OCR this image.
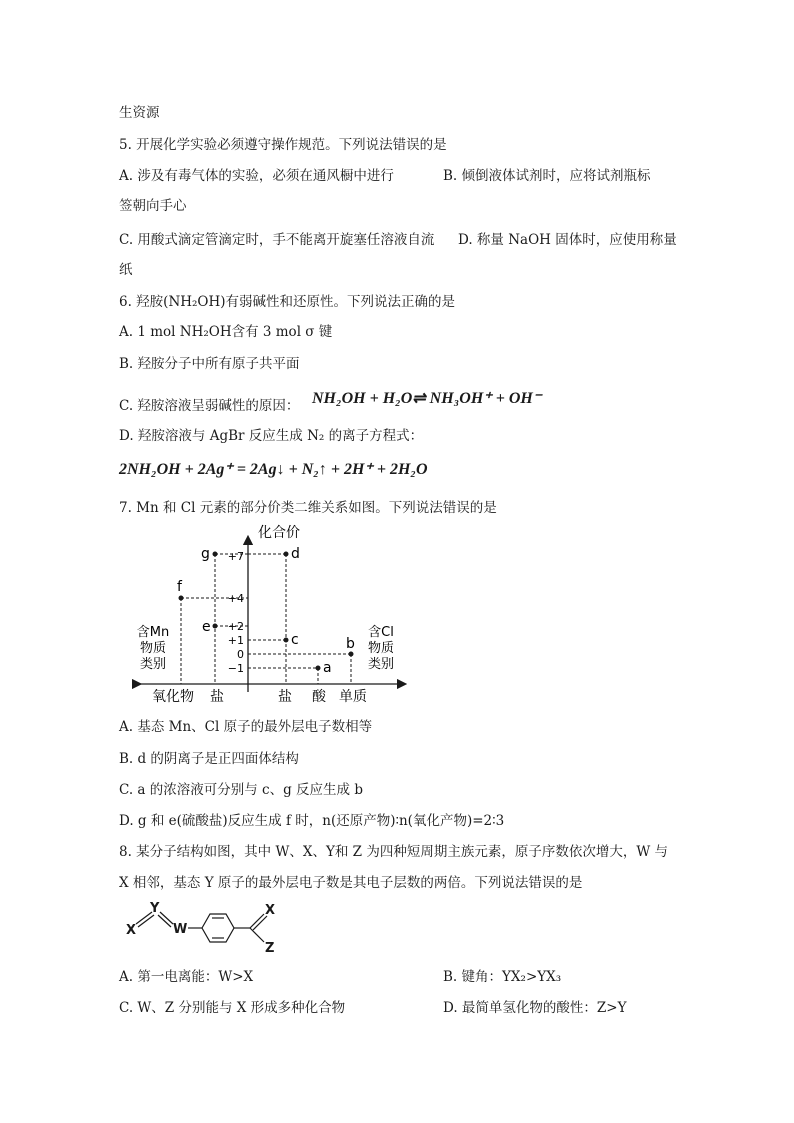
生资源
5. 开展化学实验必须遵守操作规范。下列说法错误的是
A. 涉及有毒气体的实验，必须在通风橱中进行	B. 倾倒液体试剂时，应将试剂瓶标
签朝向手心
C. 用酸式滴定管滴定时，手不能离开旋塞任溶液自流 D. 称量 NaOH 固体时，应使用称量
纸
6. 羟胺(NH₂OH)有弱碱性和还原性。下列说法正确的是
A. 1 mol NH₂OH含有 3 mol σ 键
B. 羟胺分子中所有原子共平面
C. 羟胺溶液呈弱碱性的原因： NH₂OH + H₂O⇌ NH₃OH⁺ + OH⁻
D. 羟胺溶液与 AgBr 反应生成 N₂ 的离子方程式：
2NH₂OH + 2Ag⁺ = 2Ag↓ + N₂↑ + 2H⁺ + 2H₂O
7. Mn 和 Cl 元素的部分价类二维关系如图。下列说法错误的是
化合价
+7
+4
+2
+1
0
−1
g	d
f
e
c	b
a
含Mn
物质
类别
含Cl
物质
类别
氧化物 盐	盐 酸 单质
A. 基态 Mn、Cl 原子的最外层电子数相等
B. d 的阴离子是正四面体结构
C. a 的浓溶液可分别与 c、g 反应生成 b
D. g 和 e(硫酸盐)反应生成 f 时，n(还原产物)∶n(氧化产物)=2∶3
8. 某分子结构如图，其中 W、X、Y和 Z 为四种短周期主族元素，原子序数依次增大，W 与
X 相邻，基态 Y 原子的最外层电子数是其电子层数的两倍。下列说法错误的是
X
Y
W
X
Z
A. 第一电离能：W>X	B. 键角：YX₂>YX₃
C. W、Z 分别能与 X 形成多种化合物	D. 最简单氢化物的酸性：Z>Y
